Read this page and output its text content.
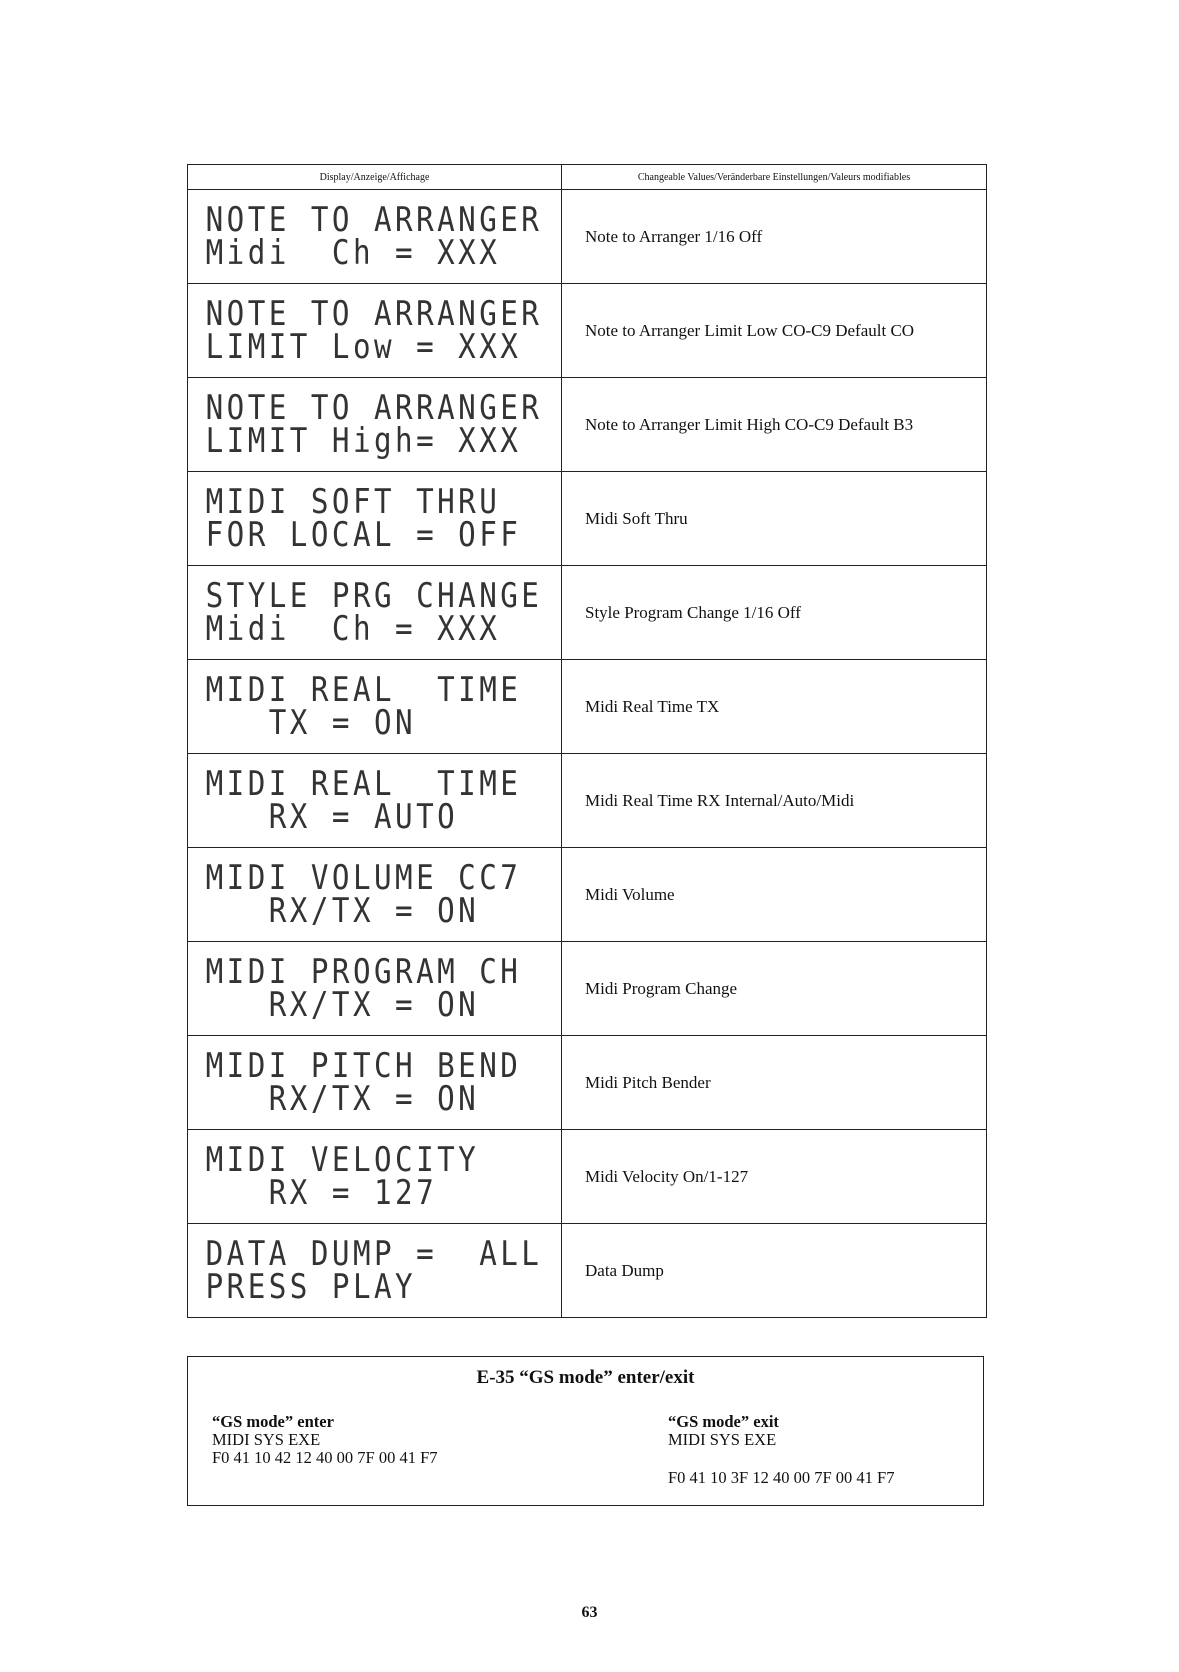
Display/Anzeige/Affichage	Changeable Values/Veränderbare Einstellungen/Valeurs modifiables

NOTE TO ARRANGER
Midi  Ch = XXX	Note to Arranger 1/16 Off

NOTE TO ARRANGER
LIMIT Low = XXX	Note to Arranger Limit Low CO-C9 Default CO

NOTE TO ARRANGER
LIMIT High= XXX	Note to Arranger Limit High CO-C9 Default B3

MIDI SOFT THRU
FOR LOCAL = OFF	Midi Soft Thru

STYLE PRG CHANGE
Midi  Ch = XXX	Style Program Change 1/16 Off

MIDI REAL  TIME
TX = ON	Midi Real Time TX

MIDI REAL  TIME
RX = AUTO	Midi Real Time RX Internal/Auto/Midi

MIDI VOLUME CC7
RX/TX = ON	Midi Volume

MIDI PROGRAM CH
RX/TX = ON	Midi Program Change

MIDI PITCH BEND
RX/TX = ON	Midi Pitch Bender

MIDI VELOCITY
RX = 127	Midi Velocity On/1-127

DATA DUMP =  ALL
PRESS PLAY	Data Dump
E-35 “GS mode” enter/exit
“GS mode” enter
MIDI SYS EXE
F0 41 10 42 12 40 00 7F 00 41 F7
“GS mode” exit
MIDI SYS EXE
F0 41 10 3F 12 40 00 7F 00 41 F7
63
